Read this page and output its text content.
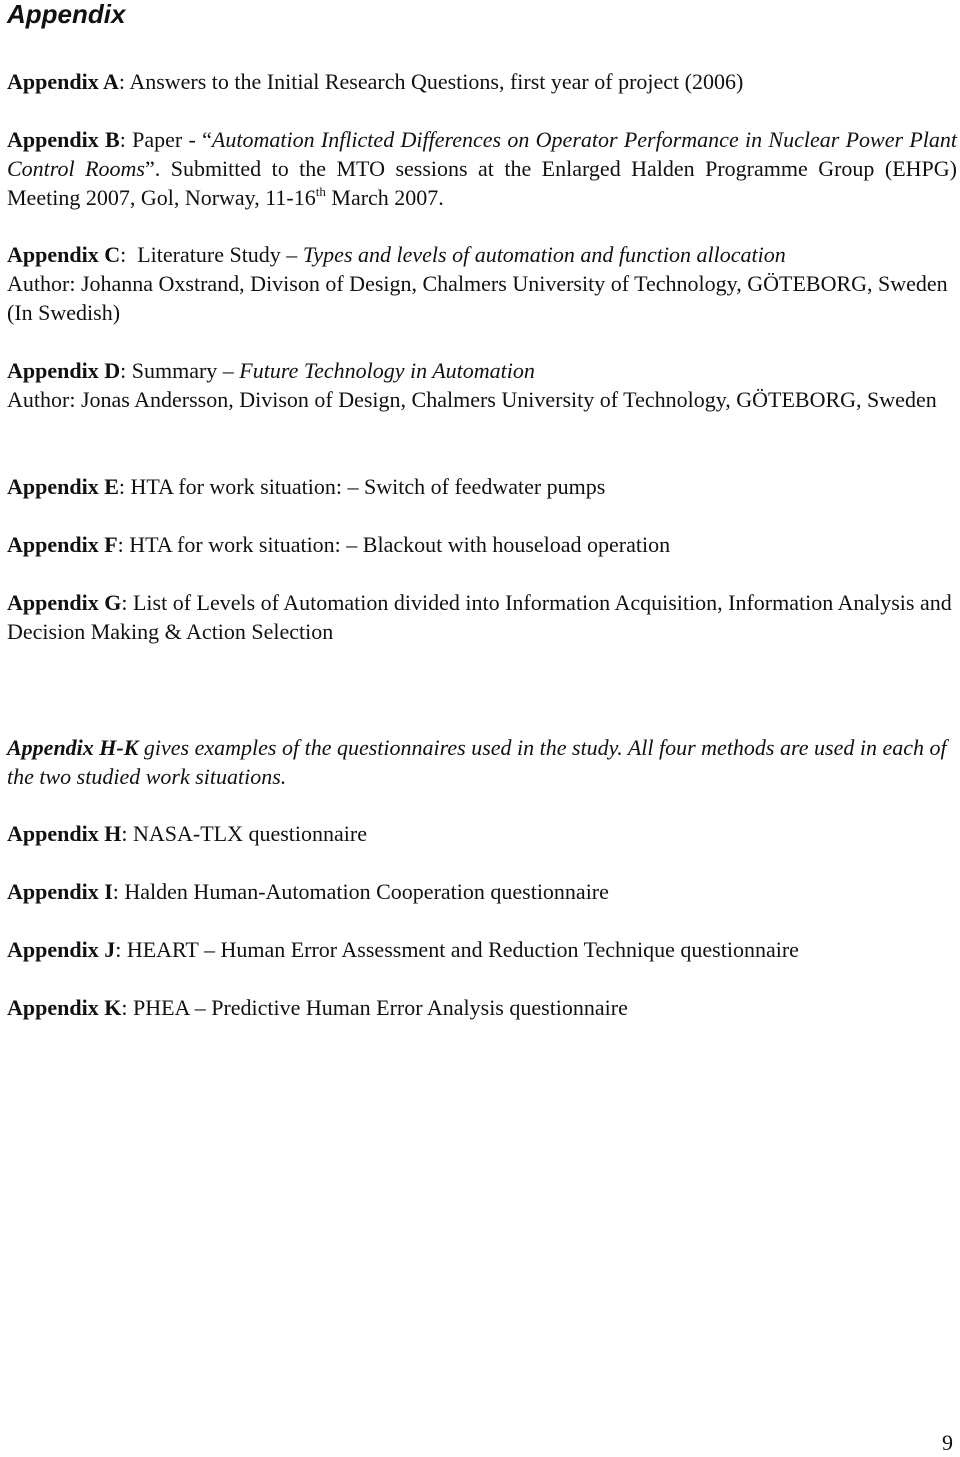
Appendix

Appendix A: Answers to the Initial Research Questions, first year of project (2006)

Appendix B: Paper - “Automation Inflicted Differences on Operator Performance in Nuclear Power Plant Control Rooms”. Submitted to the MTO sessions at the Enlarged Halden Programme Group (EHPG) Meeting 2007, Gol, Norway, 11-16th March 2007.

Appendix C:  Literature Study – Types and levels of automation and function allocation
Author: Johanna Oxstrand, Divison of Design, Chalmers University of Technology, GÖTEBORG, Sweden (In Swedish)

Appendix D: Summary – Future Technology in Automation
Author: Jonas Andersson, Divison of Design, Chalmers University of Technology, GÖTEBORG, Sweden

Appendix E: HTA for work situation: – Switch of feedwater pumps

Appendix F: HTA for work situation: – Blackout with houseload operation

Appendix G: List of Levels of Automation divided into Information Acquisition, Information Analysis and Decision Making & Action Selection

Appendix H-K gives examples of the questionnaires used in the study. All four methods are used in each of the two studied work situations.

Appendix H: NASA-TLX questionnaire

Appendix I: Halden Human-Automation Cooperation questionnaire

Appendix J: HEART – Human Error Assessment and Reduction Technique questionnaire

Appendix K: PHEA – Predictive Human Error Analysis questionnaire

9
